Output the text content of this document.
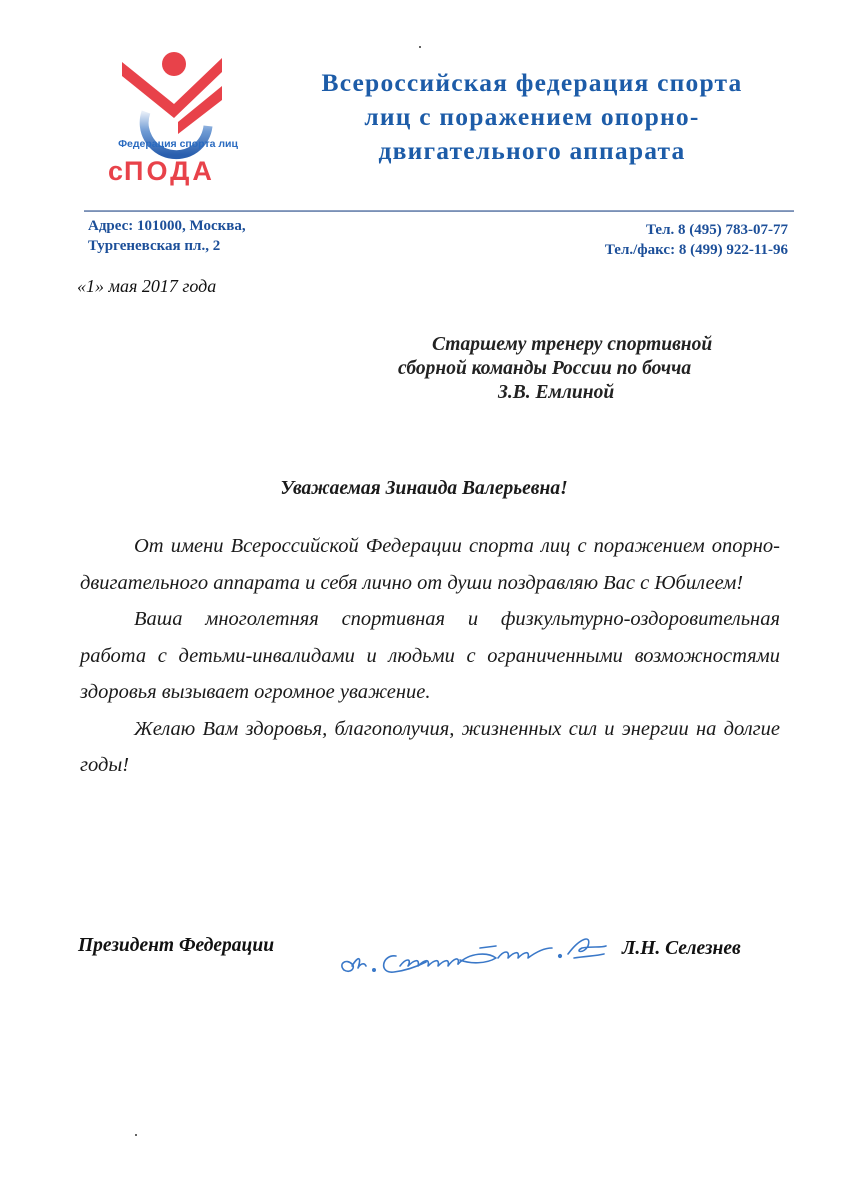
Федерация спорта лиц
сПОДА
Всероссийская федерация спорта
лиц с поражением опорно-
двигательного аппарата
Адрес: 101000, Москва,
Тургеневская пл., 2
Тел. 8 (495) 783-07-77
Тел./факс: 8 (499) 922-11-96
«1» мая 2017 года
Старшему тренеру спортивной
сборной команды России по бочча
З.В. Емлиной
Уважаемая Зинаида Валерьевна!

От имени Всероссийской Федерации спорта лиц с поражением опорно-двигательного аппарата и себя лично от души поздравляю Вас с Юбилеем!

Ваша многолетняя спортивная и физкультурно-оздоровительная работа с детьми-инвалидами и людьми с ограниченными возможностями здоровья вызывает огромное уважение.

Желаю Вам здоровья, благополучия, жизненных сил и энергии на долгие годы!

Президент Федерации	Л.Н. Селезнев
